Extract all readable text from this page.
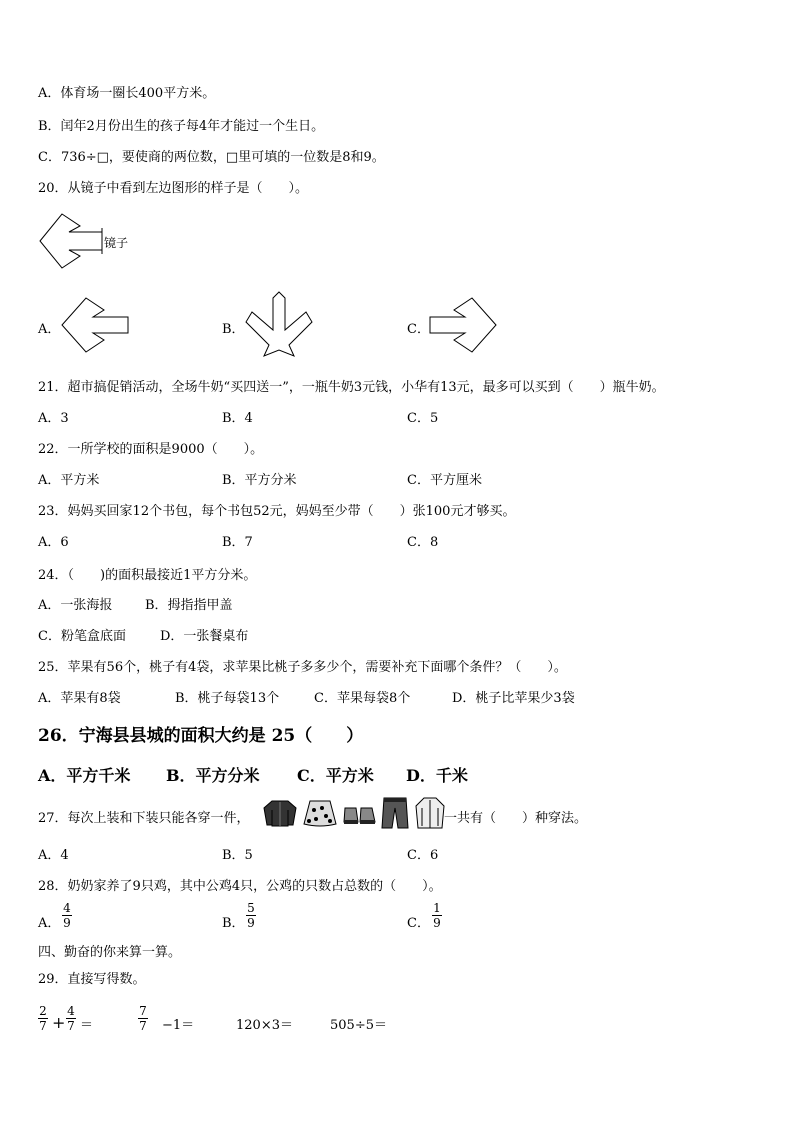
A．体育场一圈长400平方米。
B．闰年2月份出生的孩子每4年才能过一个生日。
C．736÷□，要使商的两位数，□里可填的一位数是8和9。
20．从镜子中看到左边图形的样子是（　　）。
镜子
A．	B．	C．
21．超市搞促销活动，全场牛奶“买四送一”，一瓶牛奶3元钱，小华有13元，最多可以买到（　　）瓶牛奶。
A．3	B．4	C．5
22．一所学校的面积是9000（　　）。
A．平方米	B．平方分米	C．平方厘米
23．妈妈买回家12个书包，每个书包52元，妈妈至少带（　　）张100元才够买。
A．6	B．7	C．8
24．（　　)的面积最接近1平方分米。
A．一张海报	B．拇指指甲盖
C．粉笔盒底面	D．一张餐桌布
25．苹果有56个，桃子有4袋，求苹果比桃子多多少个，需要补充下面哪个条件？（　　）。
A．苹果有8袋	B．桃子每袋13个	C．苹果每袋8个	D．桃子比苹果少3袋
26．宁海县县城的面积大约是 25（　　）
A．平方千米 B．平方分米 C．平方米 D．千米
27．每次上装和下装只能各穿一件，	一共有（　　）种穿法。
A．4	B．5	C．6
28．奶奶家养了9只鸡，其中公鸡4只，公鸡的只数占总数的（　　）。
A．
4
9	B．
5
9	C．
1
9
四、勤奋的你来算一算。
29．直接写得数。
2
7 +
4
7 ＝
7
7 −1＝	120×3＝	505÷5＝
